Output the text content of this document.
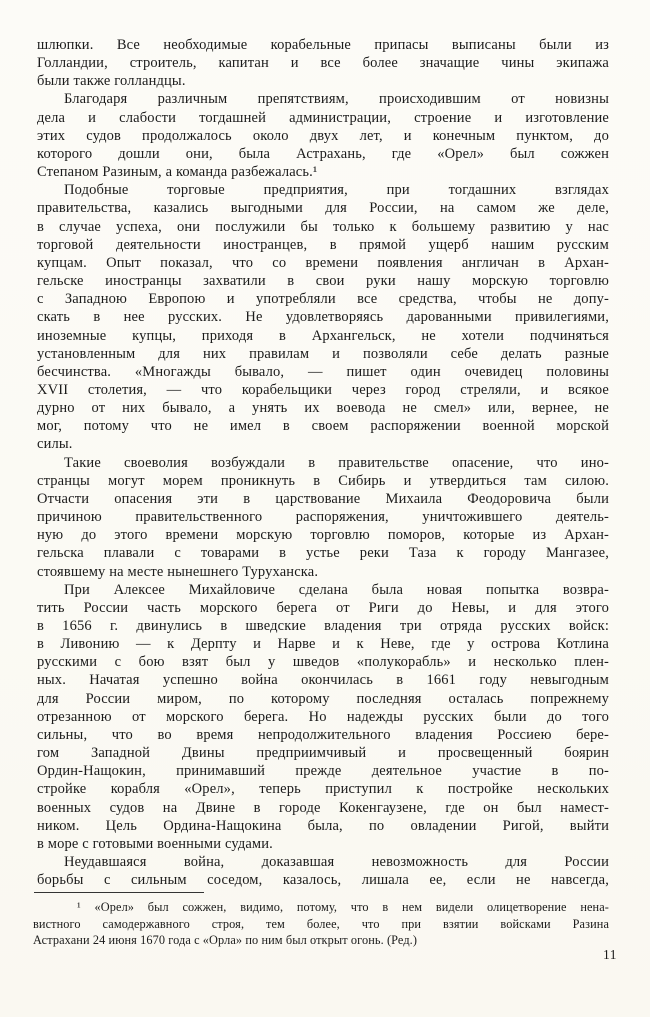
шлюпки. Все необходимые корабельные припасы выписаны были из
Голландии, строитель, капитан и все более значащие чины экипажа
были также голландцы.
Благодаря различным препятствиям, происходившим от новизны
дела и слабости тогдашней администрации, строение и изготовление
этих судов продолжалось около двух лет, и конечным пунктом, до
которого дошли они, была Астрахань, где «Орел» был сожжен
Степаном Разиным, а команда разбежалась.¹
Подобные торговые предприятия, при тогдашних взглядах
правительства, казались выгодными для России, на самом же деле,
в случае успеха, они послужили бы только к большему развитию у нас
торговой деятельности иностранцев, в прямой ущерб нашим русским
купцам. Опыт показал, что со времени появления англичан в Архан-
гельске иностранцы захватили в свои руки нашу морскую торговлю
с Западною Европою и употребляли все средства, чтобы не допу-
скать в нее русских. Не удовлетворяясь дарованными привилегиями,
иноземные купцы, приходя в Архангельск, не хотели подчиняться
установленным для них правилам и позволяли себе делать разные
бесчинства. «Многажды бывало, — пишет один очевидец половины
XVII столетия, — что корабельщики через город стреляли, и всякое
дурно от них бывало, а унять их воевода не смел» или, вернее, не
мог, потому что не имел в своем распоряжении военной морской
силы.
Такие своеволия возбуждали в правительстве опасение, что ино-
странцы могут морем проникнуть в Сибирь и утвердиться там силою.
Отчасти опасения эти в царствование Михаила Феодоровича были
причиною правительственного распоряжения, уничтожившего деятель-
ную до этого времени морскую торговлю поморов, которые из Архан-
гельска плавали с товарами в устье реки Таза к городу Мангазее,
стоявшему на месте нынешнего Туруханска.
При Алексее Михайловиче сделана была новая попытка возвра-
тить России часть морского берега от Риги до Невы, и для этого
в 1656 г. двинулись в шведские владения три отряда русских войск:
в Ливонию — к Дерпту и Нарве и к Неве, где у острова Котлина
русскими с бою взят был у шведов «полукорабль» и несколько плен-
ных. Начатая успешно война окончилась в 1661 году невыгодным
для России миром, по которому последняя осталась попрежнему
отрезанною от морского берега. Но надежды русских были до того
сильны, что во время непродолжительного владения Россиею бере-
гом Западной Двины предприимчивый и просвещенный боярин
Ордин-Нащокин, принимавший прежде деятельное участие в по-
стройке корабля «Орел», теперь приступил к постройке нескольких
военных судов на Двине в городе Кокенгаузене, где он был намест-
ником. Цель Ордина-Нащокина была, по овладении Ригой, выйти
в море с готовыми военными судами.
Неудавшаяся война, доказавшая невозможность для России
борьбы с сильным соседом, казалось, лишала ее, если не навсегда,
¹ «Орел» был сожжен, видимо, потому, что в нем видели олицетворение нена-
вистного самодержавного строя, тем более, что при взятии войсками Разина
Астрахани 24 июня 1670 года с «Орла» по ним был открыт огонь. (Ред.)
11
